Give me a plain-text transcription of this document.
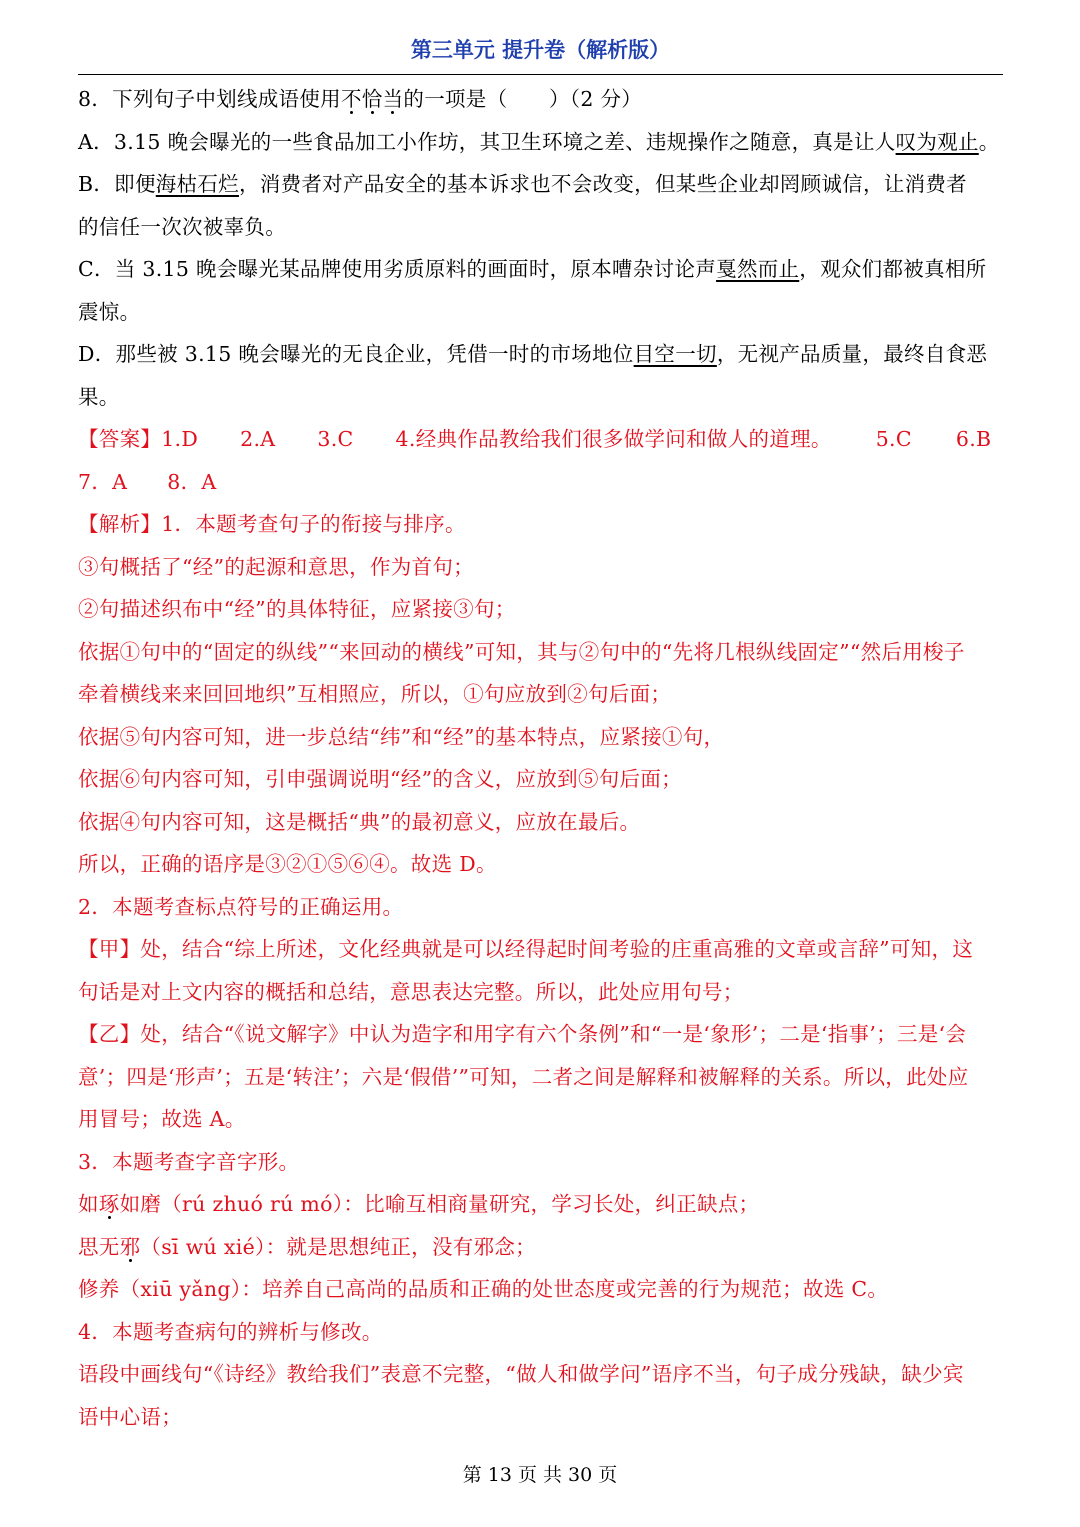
第三单元 提升卷（解析版）
8．下列句子中划线成语使用不恰当的一项是（　　）（2 分）
A．3.15 晚会曝光的一些食品加工小作坊，其卫生环境之差、违规操作之随意，真是让人叹为观止。
B．即便海枯石烂，消费者对产品安全的基本诉求也不会改变，但某些企业却罔顾诚信，让消费者
的信任一次次被辜负。
C．当 3.15 晚会曝光某品牌使用劣质原料的画面时，原本嘈杂讨论声戛然而止，观众们都被真相所
震惊。
D．那些被 3.15 晚会曝光的无良企业，凭借一时的市场地位目空一切，无视产品质量，最终自食恶
果。
【答案】1.D 2.A 3.C 4.经典作品教给我们很多做学问和做人的道理。 5.C 6.B
7．A 8．A
【解析】1．本题考查句子的衔接与排序。
③句概括了“经”的起源和意思，作为首句；
②句描述织布中“经”的具体特征，应紧接③句；
依据①句中的“固定的纵线”“来回动的横线”可知，其与②句中的“先将几根纵线固定”“然后用梭子
牵着横线来来回回地织”互相照应，所以，①句应放到②句后面；
依据⑤句内容可知，进一步总结“纬”和“经”的基本特点，应紧接①句，
依据⑥句内容可知，引申强调说明“经”的含义，应放到⑤句后面；
依据④句内容可知，这是概括“典”的最初意义，应放在最后。
所以，正确的语序是③②①⑤⑥④。故选 D。
2．本题考查标点符号的正确运用。
【甲】处，结合“综上所述，文化经典就是可以经得起时间考验的庄重高雅的文章或言辞”可知，这
句话是对上文内容的概括和总结，意思表达完整。所以，此处应用句号；
【乙】处，结合“《说文解字》中认为造字和用字有六个条例”和“一是‘象形’；二是‘指事’；三是‘会
意’；四是‘形声’；五是‘转注’；六是‘假借’”可知，二者之间是解释和被解释的关系。所以，此处应
用冒号；故选 A。
3．本题考查字音字形。
如琢如磨（rú zhuó rú mó）：比喻互相商量研究，学习长处，纠正缺点；
思无邪（sī wú xié）：就是思想纯正，没有邪念；
修养（xiū yǎng）：培养自己高尚的品质和正确的处世态度或完善的行为规范；故选 C。
4．本题考查病句的辨析与修改。
语段中画线句“《诗经》教给我们”表意不完整，“做人和做学问”语序不当，句子成分残缺，缺少宾
语中心语；
第 13 页 共 30 页
